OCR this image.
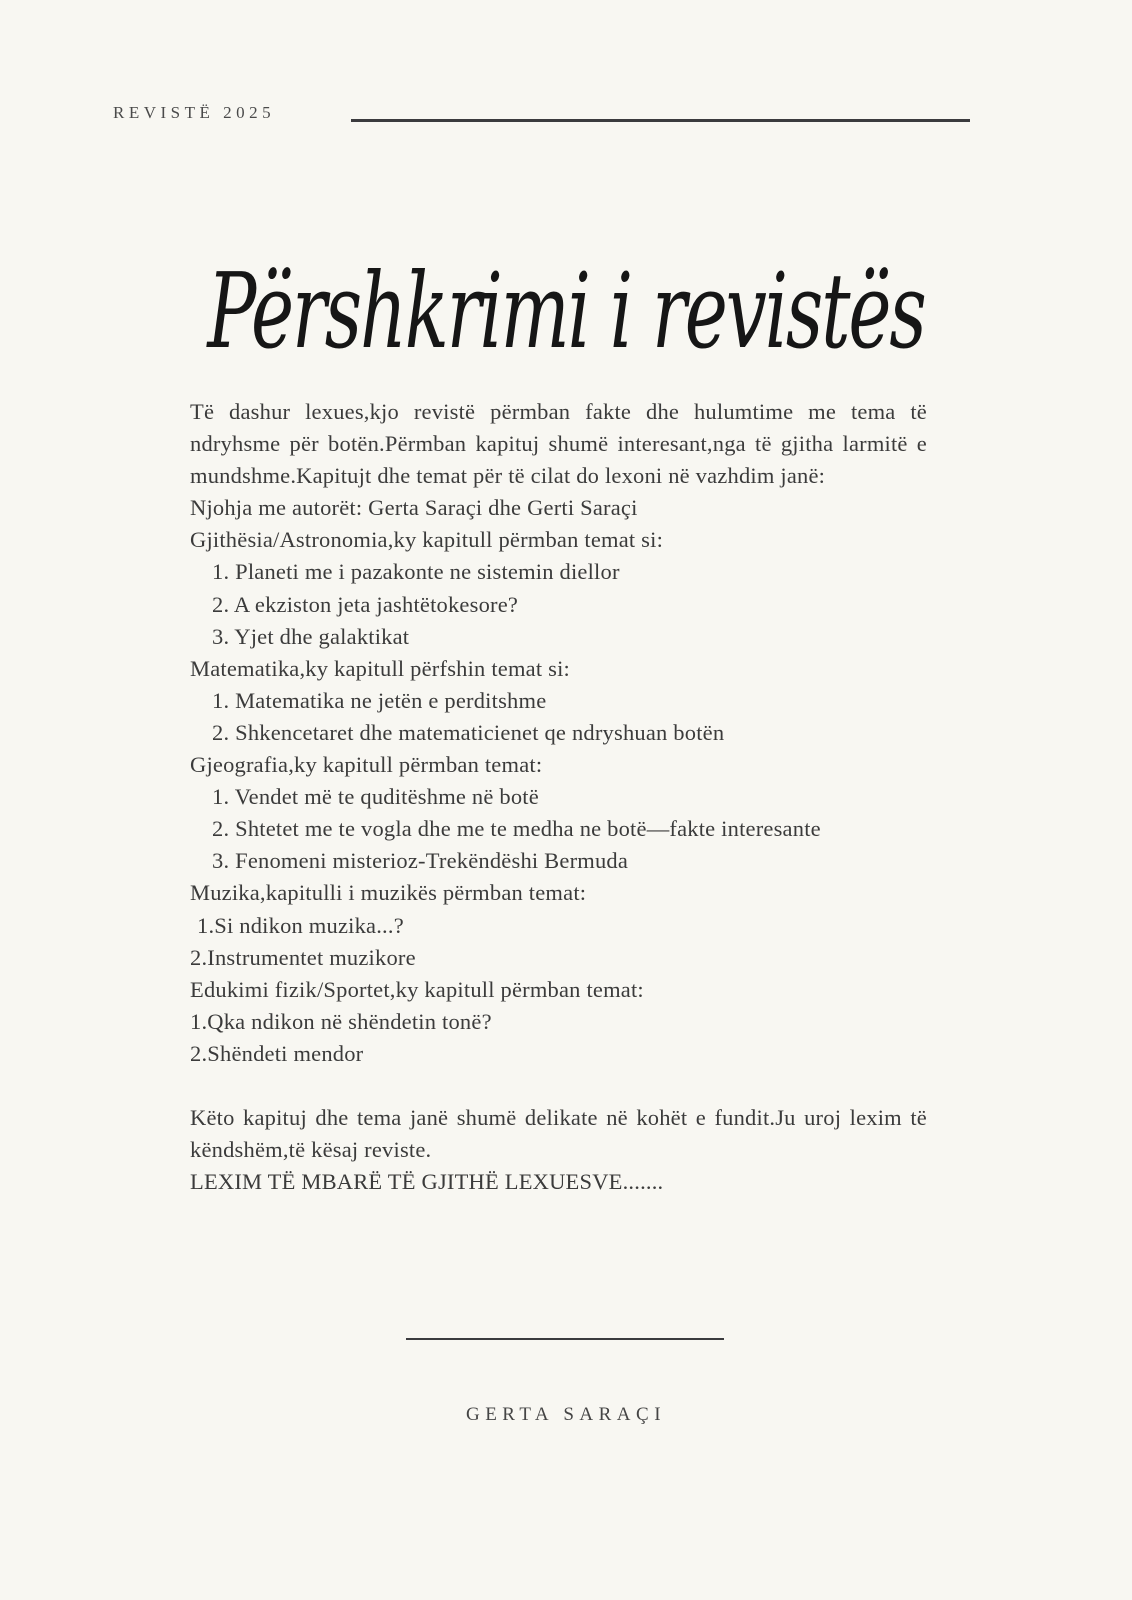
REVISTË 2025
Përshkrimi i revistës
Të dashur lexues,kjo revistë përmban fakte dhe hulumtime me tema të
ndryhsme për botën.Përmban kapituj shumë interesant,nga të gjitha larmitë e
mundshme.Kapitujt dhe temat për të cilat do lexoni në vazhdim janë:
Njohja me autorët: Gerta Saraçi dhe Gerti Saraçi
Gjithësia/Astronomia,ky kapitull përmban temat si:
1. Planeti me i pazakonte ne sistemin diellor
2. A ekziston jeta jashtëtokesore?
3. Yjet dhe galaktikat
Matematika,ky kapitull përfshin temat si:
1. Matematika ne jetën e perditshme
2. Shkencetaret dhe matematicienet qe ndryshuan botën
Gjeografia,ky kapitull përmban temat:
1. Vendet më te quditëshme në botë
2. Shtetet me te vogla dhe me te medha ne botë—fakte interesante
3. Fenomeni misterioz-Trekëndëshi Bermuda
Muzika,kapitulli i muzikës përmban temat:
1.Si ndikon muzika...?
2.Instrumentet muzikore
Edukimi fizik/Sportet,ky kapitull përmban temat:
1.Qka ndikon në shëndetin tonë?
2.Shëndeti mendor
Këto kapituj dhe tema janë shumë delikate në kohët e fundit.Ju uroj lexim të
këndshëm,të kësaj reviste.
LEXIM TË MBARË TË GJITHË LEXUESVE.......
GERTA SARAÇI
